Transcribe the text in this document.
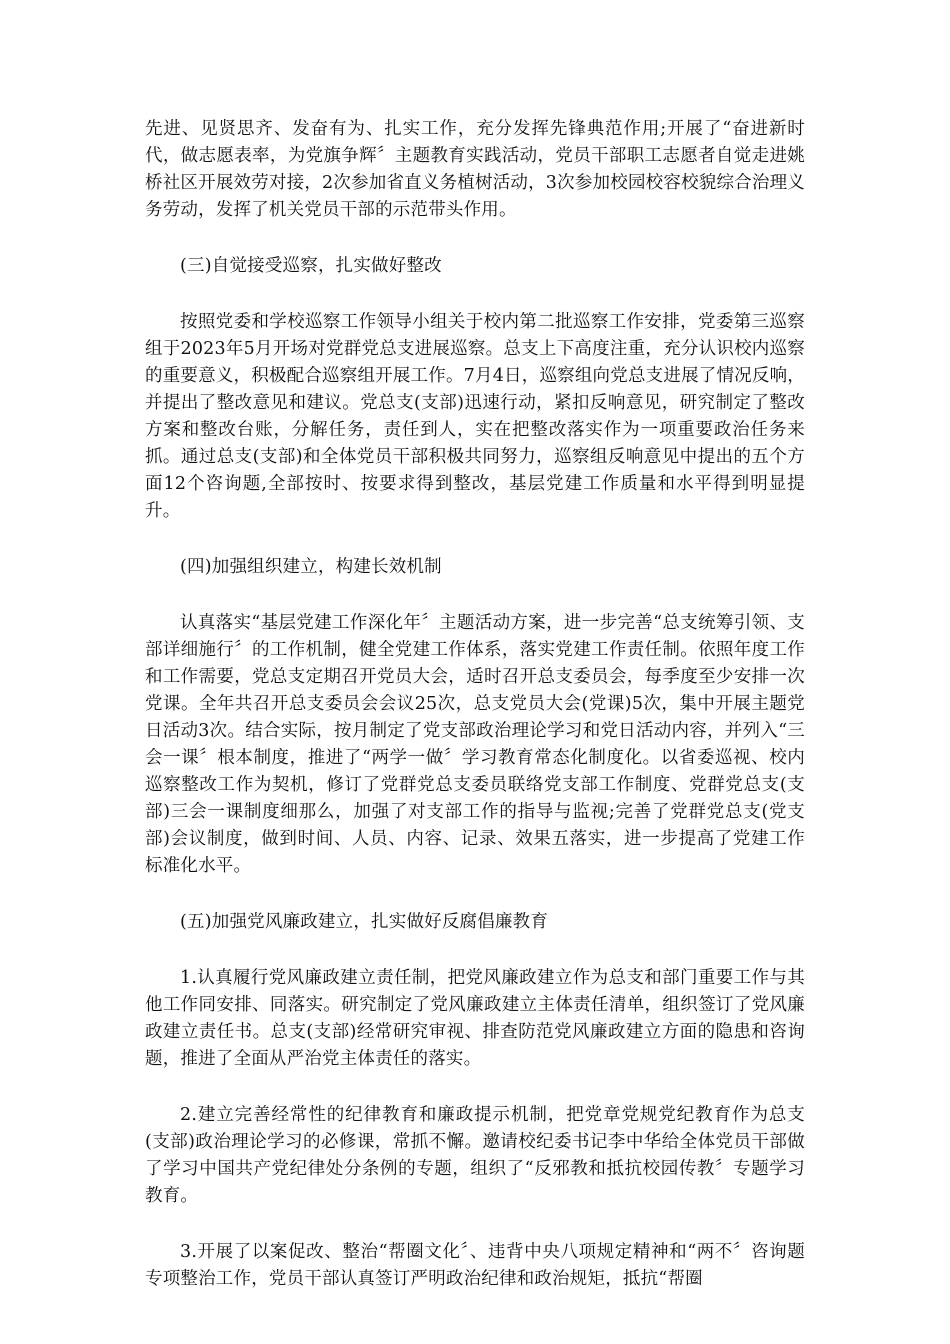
先进、见贤思齐、发奋有为、扎实工作，充分发挥先锋典范作用;开展了“奋进新时代，做志愿表率，为党旗争辉〞主题教育实践活动，党员干部职工志愿者自觉走进姚桥社区开展效劳对接，2次参加省直义务植树活动，3次参加校园校容校貌综合治理义务劳动，发挥了机关党员干部的示范带头作用。

(三)自觉接受巡察，扎实做好整改

按照党委和学校巡察工作领导小组关于校内第二批巡察工作安排，党委第三巡察组于2023年5月开场对党群党总支进展巡察。总支上下高度注重，充分认识校内巡察的重要意义，积极配合巡察组开展工作。7月4日，巡察组向党总支进展了情况反响，并提出了整改意见和建议。党总支(支部)迅速行动，紧扣反响意见，研究制定了整改方案和整改台账，分解任务，责任到人，实在把整改落实作为一项重要政治任务来抓。通过总支(支部)和全体党员干部积极共同努力，巡察组反响意见中提出的五个方面12个咨询题,全部按时、按要求得到整改，基层党建工作质量和水平得到明显提升。

(四)加强组织建立，构建长效机制

认真落实“基层党建工作深化年〞主题活动方案，进一步完善“总支统筹引领、支部详细施行〞的工作机制，健全党建工作体系，落实党建工作责任制。依照年度工作和工作需要，党总支定期召开党员大会，适时召开总支委员会，每季度至少安排一次党课。全年共召开总支委员会会议25次，总支党员大会(党课)5次，集中开展主题党日活动3次。结合实际，按月制定了党支部政治理论学习和党日活动内容，并列入“三会一课〞根本制度，推进了“两学一做〞学习教育常态化制度化。以省委巡视、校内巡察整改工作为契机，修订了党群党总支委员联络党支部工作制度、党群党总支(支部)三会一课制度细那么，加强了对支部工作的指导与监视;完善了党群党总支(党支部)会议制度，做到时间、人员、内容、记录、效果五落实，进一步提高了党建工作标准化水平。

(五)加强党风廉政建立，扎实做好反腐倡廉教育

1.认真履行党风廉政建立责任制，把党风廉政建立作为总支和部门重要工作与其他工作同安排、同落实。研究制定了党风廉政建立主体责任清单，组织签订了党风廉政建立责任书。总支(支部)经常研究审视、排查防范党风廉政建立方面的隐患和咨询题，推进了全面从严治党主体责任的落实。

2.建立完善经常性的纪律教育和廉政提示机制，把党章党规党纪教育作为总支(支部)政治理论学习的必修课，常抓不懈。邀请校纪委书记李中华给全体党员干部做了学习中国共产党纪律处分条例的专题，组织了“反邪教和抵抗校园传教〞专题学习教育。

3.开展了以案促改、整治“帮圈文化〞、违背中央八项规定精神和“两不〞咨询题专项整治工作，党员干部认真签订严明政治纪律和政治规矩，抵抗“帮圈
